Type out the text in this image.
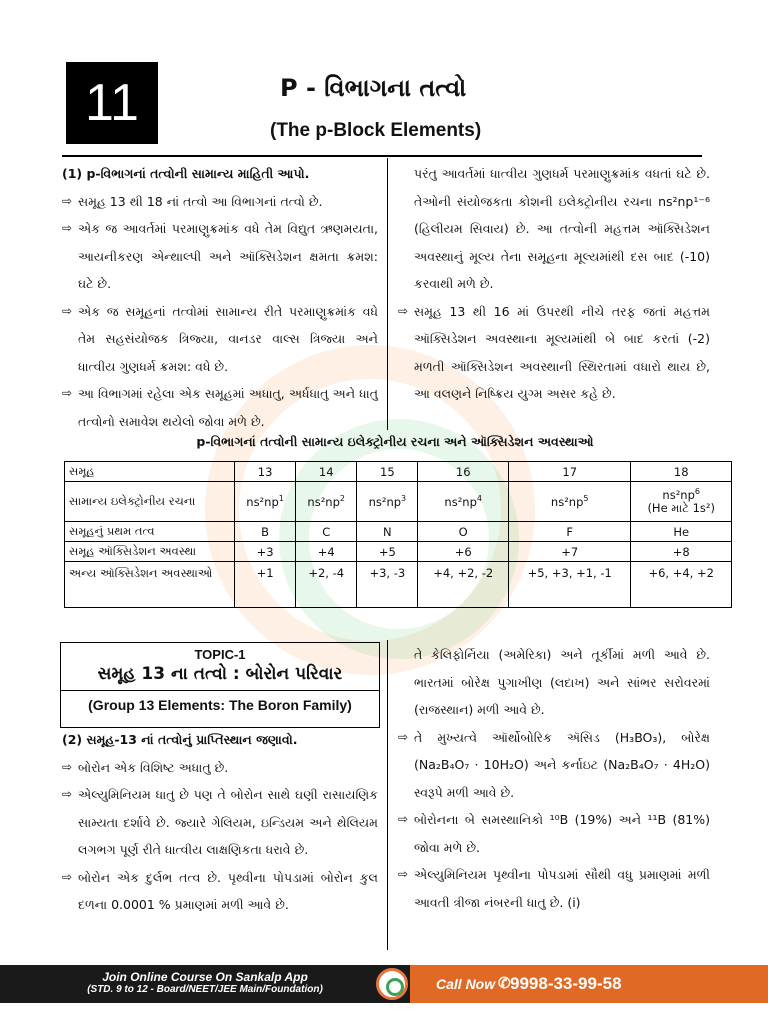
11	P - વિભાગના તત્વો
(The p-Block Elements)

(1) p-વિભાગનાં તત્વોની સામાન્ય માહિતી આપો.

⇨ સમૂહ 13 થી 18 નાં તત્વો આ વિભાગનાં તત્વો છે.

⇨ એક જ આવર્તમાં પરમાણુક્રમાંક વધે તેમ વિદ્યુત ઋણમયતા, આયનીકરણ એન્થાલ્પી અને ઑક્સિડેશન ક્ષમતા ક્રમશ: ઘટે છે.

⇨ એક જ સમૂહનાં તત્વોમાં સામાન્ય રીતે પરમાણુક્રમાંક વધે તેમ સહસંયોજક ત્રિજ્યા, વાનડર વાલ્સ ત્રિજ્યા અને ધાત્વીય ગુણધર્મ ક્રમશ: વધે છે.

⇨ આ વિભાગમાં રહેલા એક સમૂહમાં અધાતુ, અર્ધધાતુ અને ધાતુ તત્વોનો સમાવેશ થયેલો જોવા મળે છે.

પરંતુ આવર્તમાં ધાત્વીય ગુણધર્મ પરમાણુક્રમાંક વધતાં ઘટે છે. તેઓની સંયોજકતા કોશની ઇલેક્ટ્રોનીય રચના ns²np¹⁻⁶ (હિલીયમ સિવાય) છે. આ તત્વોની મહત્તમ ઑક્સિડેશન અવસ્થાનું મૂલ્ય તેના સમૂહના મૂલ્યમાંથી દસ બાદ (-10) કરવાથી મળે છે.

⇨ સમૂહ 13 થી 16 માં ઉપરથી નીચે તરફ જતાં મહત્તમ ઑક્સિડેશન અવસ્થાના મૂલ્યમાંથી બે બાદ કરતાં (-2) મળતી ઑક્સિડેશન અવસ્થાની સ્થિરતામાં વધારો થાય છે, આ વલણને નિષ્ક્રિય યુગ્મ અસર કહે છે.

p-વિભાગનાં તત્વોની સામાન્ય ઇલેક્ટ્રોનીય રચના અને ઑક્સિડેશન અવસ્થાઓ
સમૂહ	13	14	15	16	17	18
સામાન્ય ઇલેક્ટ્રોનીય રચના	$ns^2np^1$	$ns^2np^2$	$ns^2np^3$	$ns^2np^4$	$ns^2np^5$	$ns^2np^6$
(He માટે 1s²)
સમૂહનું પ્રથમ તત્વ	B	C	N	O	F	He
સમૂહ ઑક્સિડેશન અવસ્થા	+3	+4	+5	+6	+7	+8
અન્ય ઑક્સિડેશન અવસ્થાઓ	+1	+2, -4	+3, -3	+4, +2, -2	+5, +3, +1, -1	+6, +4, +2
TOPIC-1
સમૂહ 13 ના તત્વો : બોરોન પરિવાર
(Group 13 Elements: The Boron Family)

(2) સમૂહ-13 નાં તત્વોનું પ્રાપ્તિસ્થાન જણાવો.

⇨ બોરોન એક વિશિષ્ટ અધાતુ છે.

⇨ એલ્યુમિનિયમ ધાતુ છે પણ તે બોરોન સાથે ઘણી રાસાયણિક સામ્યતા દર્શાવે છે. જ્યારે ગેલિયમ, ઇન્ડિયમ અને થેલિયમ લગભગ પૂર્ણ રીતે ધાત્વીય લાક્ષણિકતા ધરાવે છે.

⇨ બોરોન એક દુર્લભ તત્વ છે. પૃથ્વીના પોપડામાં બોરોન કુલ દળના 0.0001 % પ્રમાણમાં મળી આવે છે.

તે કેલિફોર્નિયા (અમેરિકા) અને તૂર્કીમાં મળી આવે છે. ભારતમાં બોરેક્ષ પુગાખીણ (લદાખ) અને સાંભર સરોવરમાં (રાજસ્થાન) મળી આવે છે.

⇨ તે મુખ્યત્વે ઑર્થોબોરિક ઍસિડ (H₃BO₃), બોરેક્ષ (Na₂B₄O₇ · 10H₂O) અને કર્નાઇટ (Na₂B₄O₇ · 4H₂O) સ્વરૂપે મળી આવે છે.

⇨ બોરોનના બે સમસ્થાનિકો ¹⁰B (19%) અને ¹¹B (81%) જોવા મળે છે.

⇨ એલ્યુમિનિયમ પૃથ્વીના પોપડામાં સૌથી વધુ પ્રમાણમાં મળી આવતી ત્રીજા નંબરની ધાતુ છે. (i)

Join Online Course On Sankalp App
(STD. 9 to 12 - Board/NEET/JEE Main/Foundation)	Call Now ✆ 9998-33-99-58
